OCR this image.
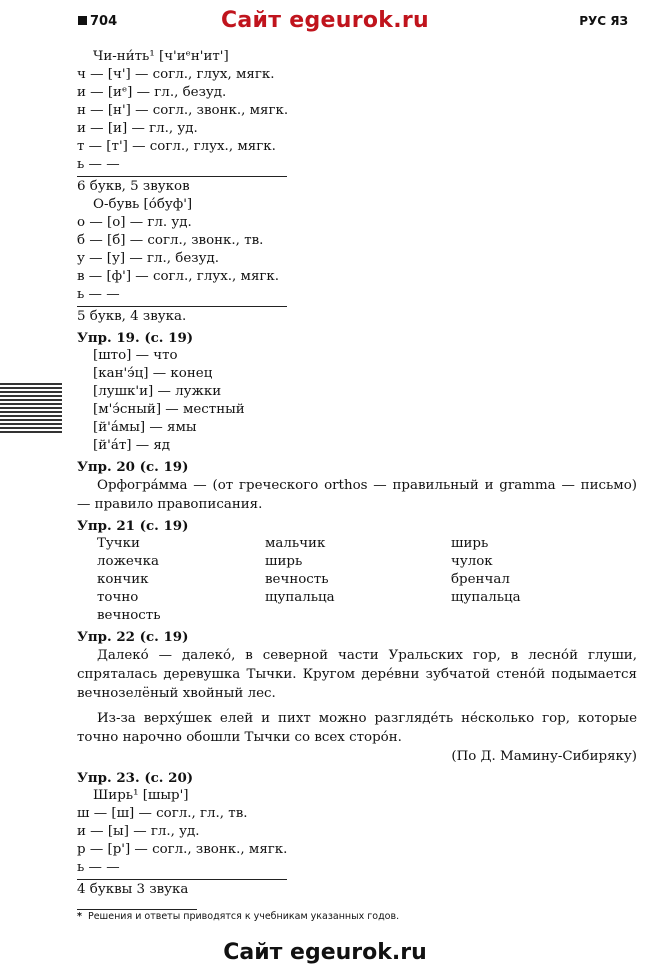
704	Сайт egeurok.ru	РУС ЯЗ
Чи-ни́ть¹ [ч'иᵉн'ит']
ч — [ч'] — согл., глух, мягк.
и — [иᵉ] — гл., безуд.
н — [н'] — согл., звонк., мягк.
и — [и] — гл., уд.
т — [т'] — согл., глух., мягк.
ь — —
6 букв, 5 звуков
О-бувь [о́буф']
о — [о] — гл. уд.
б — [б] — согл., звонк., тв.
у — [у] — гл., безуд.
в — [ф'] — согл., глух., мягк.
ь — —
5 букв, 4 звука.
Упр. 19. (с. 19)
[што] — что
[кан'э́ц] — конец
[лушк'и] — лужки
[м'э́сный] — местный
[й'áмы] — ямы
[й'áт] — яд
Упр. 20 (с. 19)
Орфогра́мма — (от греческого orthos — правильный и gramma — письмо) — правило правописания.
Упр. 21 (с. 19)
Тучки	мальчик	ширь
ложечка	ширь	чулок
кончик	вечность	бренчал
точно	щупальца	щупальца
вечность
Упр. 22 (с. 19)
Далеко́ — далеко́, в северной части Уральских гор, в лесно́й глуши, спряталась деревушка Тычки. Кругом дере́вни зубчатой стено́й подымается вечнозелёный хвойный лес.
Из-за верху́шек елей и пихт можно разгляде́ть не́сколько гор, которые точно нарочно обошли Тычки со всех сторо́н.
(По Д. Мамину-Сибиряку)
Упр. 23. (с. 20)
Ширь¹ [шыр']
ш — [ш] — согл., гл., тв.
и — [ы] — гл., уд.
р — [р'] — согл., звонк., мягк.
ь — —
4 буквы 3 звука
* Решения и ответы приводятся к учебникам указанных годов.
Сайт egeurok.ru
